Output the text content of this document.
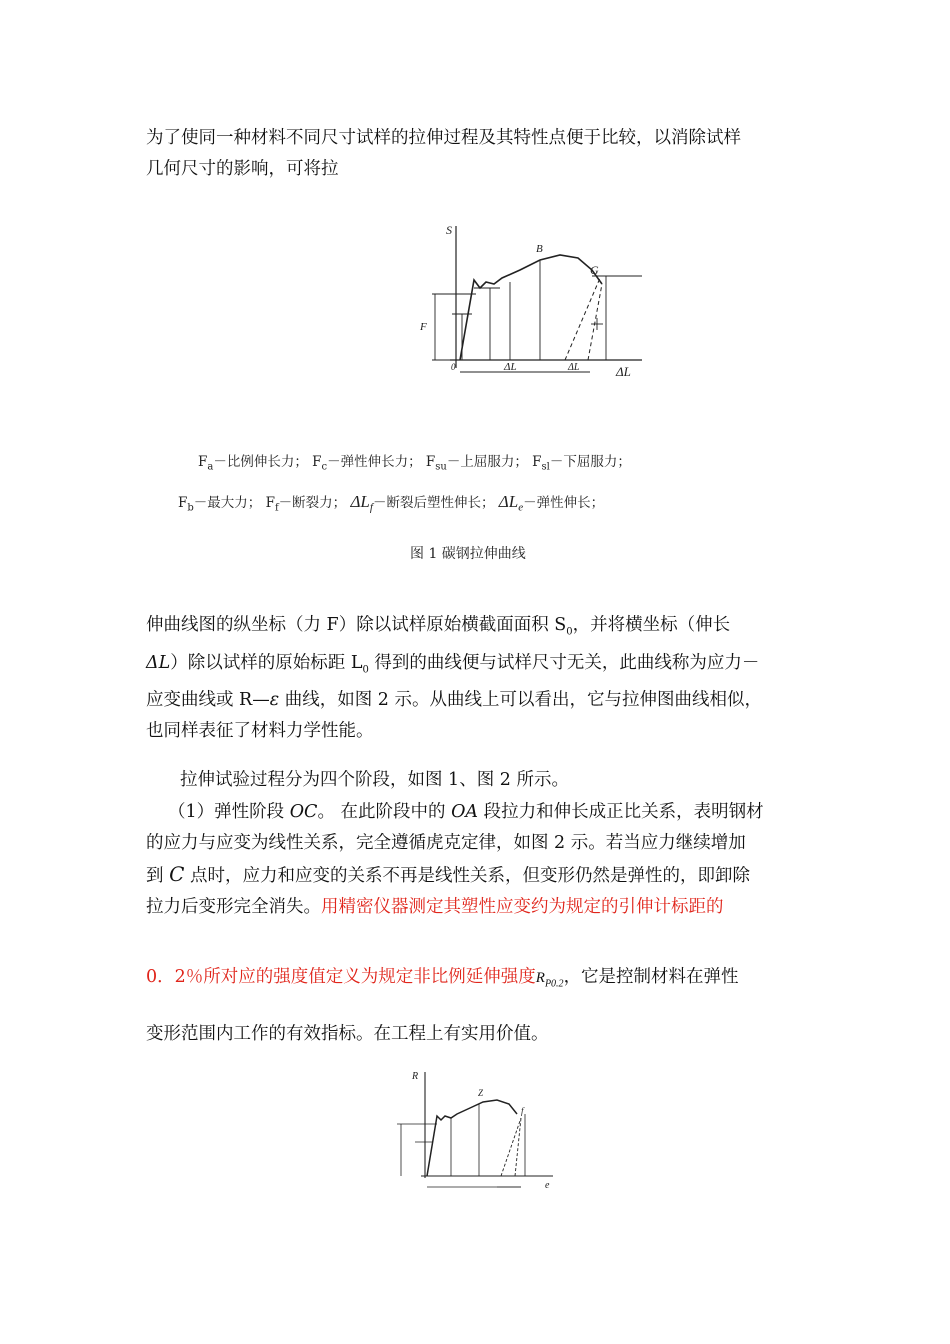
为了使同一种材料不同尺寸试样的拉伸过程及其特性点便于比较，以消除试样
几何尺寸的影响，可将拉

S
B
G
F
0	ΔL	ΔL	ΔL
$F_a-$比例伸长力； $F_c-$弹性伸长力； $F_{su}-$上屈服力； $F_{sl}-$下屈服力；
$F_b-$最大力； $F_f-$断裂力； $\Delta L_f-$断裂后塑性伸长； $\Delta L_e-$弹性伸长；
图 1 碳钢拉伸曲线

伸曲线图的纵坐标（力 F）除以试样原始横截面面积 $S_0$，并将横坐标（伸长
ΔL）除以试样的原始标距 $L_0$ 得到的曲线便与试样尺寸无关，此曲线称为应力－
应变曲线或 R—ε 曲线，如图 2 示。从曲线上可以看出，它与拉伸图曲线相似，
也同样表征了材料力学性能。

拉伸试验过程分为四个阶段，如图 1、图 2 所示。

（1）弹性阶段 OC。 在此阶段中的 OA 段拉力和伸长成正比关系，表明钢材
的应力与应变为线性关系，完全遵循虎克定律，如图 2 示。若当应力继续增加
到 C 点时，应力和应变的关系不再是线性关系，但变形仍然是弹性的，即卸除
拉力后变形完全消失。用精密仪器测定其塑性应变约为规定的引伸计标距的

0．2％所对应的强度值定义为规定非比例延伸强度$R_{P0.2}$，它是控制材料在弹性

变形范围内工作的有效指标。在工程上有实用价值。

R
Z
f
e
